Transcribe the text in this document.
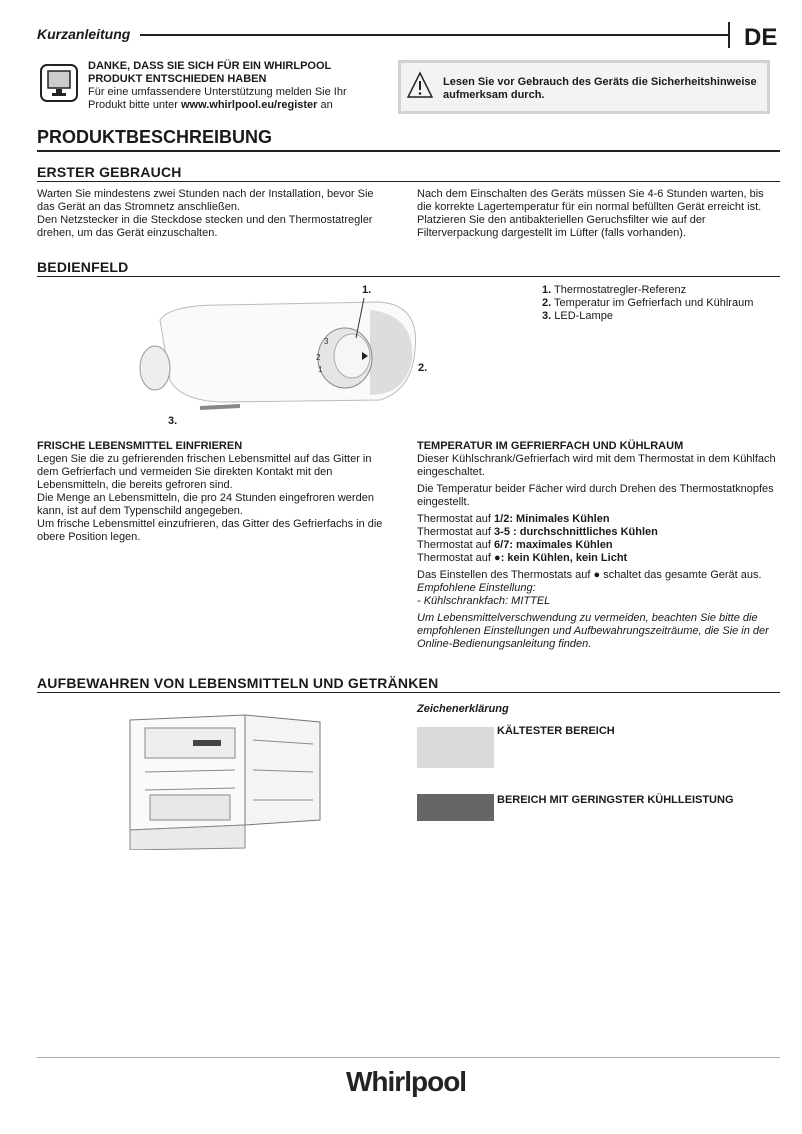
Kurzanleitung	DE
DANKE, DASS SIE SICH FÜR EIN WHIRLPOOL
PRODUKT ENTSCHIEDEN HABEN
Für eine umfassendere Unterstützung melden Sie Ihr
Produkt bitte unter www.whirlpool.eu/register an
Lesen Sie vor Gebrauch des Geräts die Sicherheitshinweise
aufmerksam durch.
PRODUKTBESCHREIBUNG
ERSTER GEBRAUCH
Warten Sie mindestens zwei Stunden nach der Installation, bevor Sie das Gerät an das Stromnetz anschließen.
Den Netzstecker in die Steckdose stecken und den Thermostatregler drehen, um das Gerät einzuschalten.
Nach dem Einschalten des Geräts müssen Sie 4-6 Stunden warten, bis die korrekte Lagertemperatur für ein normal befüllten Gerät erreicht ist. Platzieren Sie den antibakteriellen Geruchsfilter wie auf der Filterverpackung dargestellt im Lüfter (falls vorhanden).
BEDIENFELD
1
2
3
1.
2.
3.
1. Thermostatregler-Referenz
2. Temperatur im Gefrierfach und Kühlraum
3. LED-Lampe
FRISCHE LEBENSMITTEL EINFRIEREN
Legen Sie die zu gefrierenden frischen Lebensmittel auf das Gitter in dem Gefrierfach und vermeiden Sie direkten Kontakt mit den Lebensmitteln, die bereits gefroren sind.
Die Menge an Lebensmitteln, die pro 24 Stunden eingefroren werden kann, ist auf dem Typenschild angegeben.
Um frische Lebensmittel einzufrieren, das Gitter des Gefrierfachs in die obere Position legen.
TEMPERATUR IM GEFRIERFACH UND KÜHLRAUM

Dieser Kühlschrank/Gefrierfach wird mit dem Thermostat in dem Kühlfach eingeschaltet.

Die Temperatur beider Fächer wird durch Drehen des Thermostatknopfes eingestellt.

Thermostat auf 1/2: Minimales Kühlen
Thermostat auf 3-5 : durchschnittliches Kühlen
Thermostat auf 6/7: maximales Kühlen

Thermostat auf ●: kein Kühlen, kein Licht

Das Einstellen des Thermostats auf ● schaltet das gesamte Gerät aus.
Empfohlene Einstellung:

- Kühlschrankfach: MITTEL

Um Lebensmittelverschwendung zu vermeiden, beachten Sie bitte die empfohlenen Einstellungen und Aufbewahrungszeiträume, die Sie in der Online-Bedienungsanleitung finden.
AUFBEWAHREN VON LEBENSMITTELN UND GETRÄNKEN
Zeichenerklärung
KÄLTESTER BEREICH
BEREICH MIT GERINGSTER KÜHLLEISTUNG
Whirlpool
